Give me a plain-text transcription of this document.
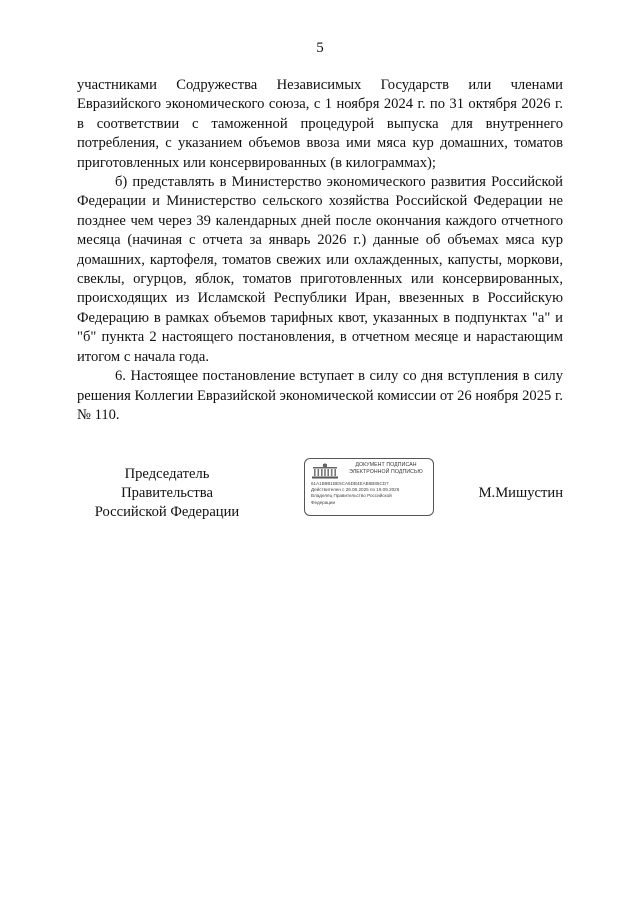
5

участниками Содружества Независимых Государств или членами Евразийского экономического союза, с 1 ноября 2024 г. по 31 октября 2026 г. в соответствии с таможенной процедурой выпуска для внутреннего потребления, с указанием объемов ввоза ими мяса кур домашних, томатов приготовленных или консервированных (в килограммах);

б) представлять в Министерство экономического развития Российской Федерации и Министерство сельского хозяйства Российской Федерации не позднее чем через 39 календарных дней после окончания каждого отчетного месяца (начиная с отчета за январь 2026 г.) данные об объемах мяса кур домашних, картофеля, томатов свежих или охлажденных, капусты, моркови, свеклы, огурцов, яблок, томатов приготовленных или консервированных, происходящих из Исламской Республики Иран, ввезенных в Российскую Федерацию в рамках объемов тарифных квот, указанных в подпунктах "а" и "б" пункта 2 настоящего постановления, в отчетном месяце и нарастающим итогом с начала года.

6. Настоящее постановление вступает в силу со дня вступления в силу решения Коллегии Евразийской экономической комиссии от 26 ноября 2025 г. № 110.

Председатель Правительства
Российской Федерации
ДОКУМЕНТ ПОДПИСАН
ЭЛЕКТРОННОЙ ПОДПИСЬЮ
61A1B9B1BE5CA6DB4EAB6B85CD7
Действителен с 26.06.2025 по 19.09.2026
Владелец Правительство Российской
Федерации
М.Мишустин
